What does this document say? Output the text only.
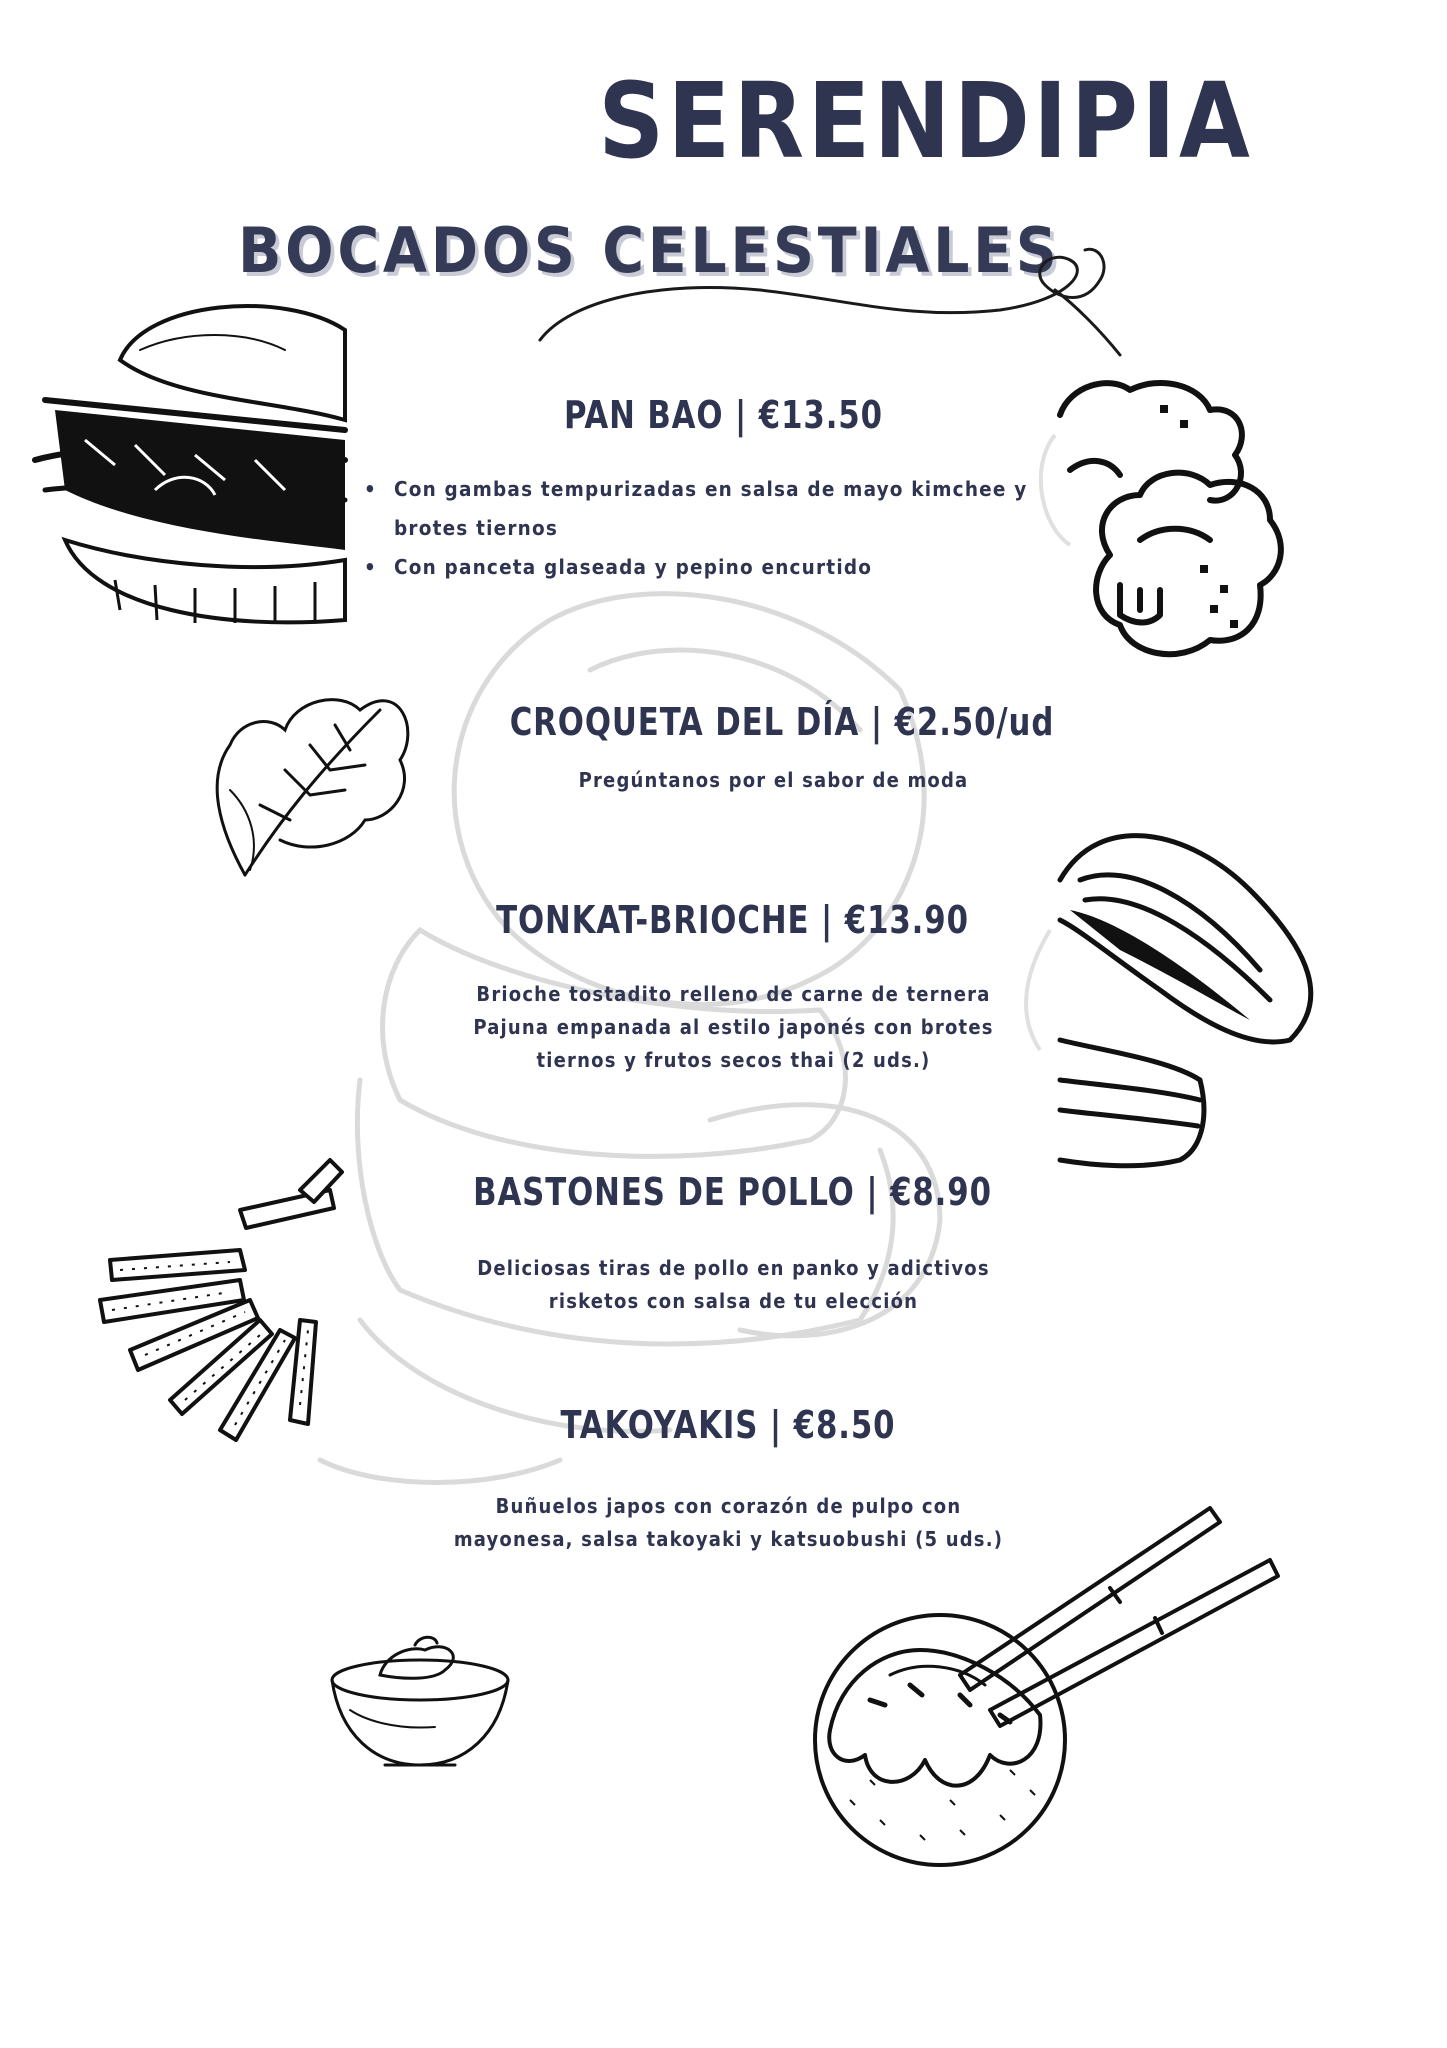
SERENDIPIA
BOCADOS CELESTIALES
PAN BAO | €13.50
• Con gambas tempurizadas en salsa de mayo kimchee y brotes tiernos
• Con panceta glaseada y pepino encurtido
CROQUETA DEL DÍA | €2.50/ud
Pregúntanos por el sabor de moda
TONKAT-BRIOCHE | €13.90
Brioche tostadito relleno de carne de ternera
Pajuna empanada al estilo japonés con brotes
tiernos y frutos secos thai (2 uds.)
BASTONES DE POLLO | €8.90
Deliciosas tiras de pollo en panko y adictivos
risketos con salsa de tu elección
TAKOYAKIS | €8.50
Buñuelos japos con corazón de pulpo con
mayonesa, salsa takoyaki y katsuobushi (5 uds.)
